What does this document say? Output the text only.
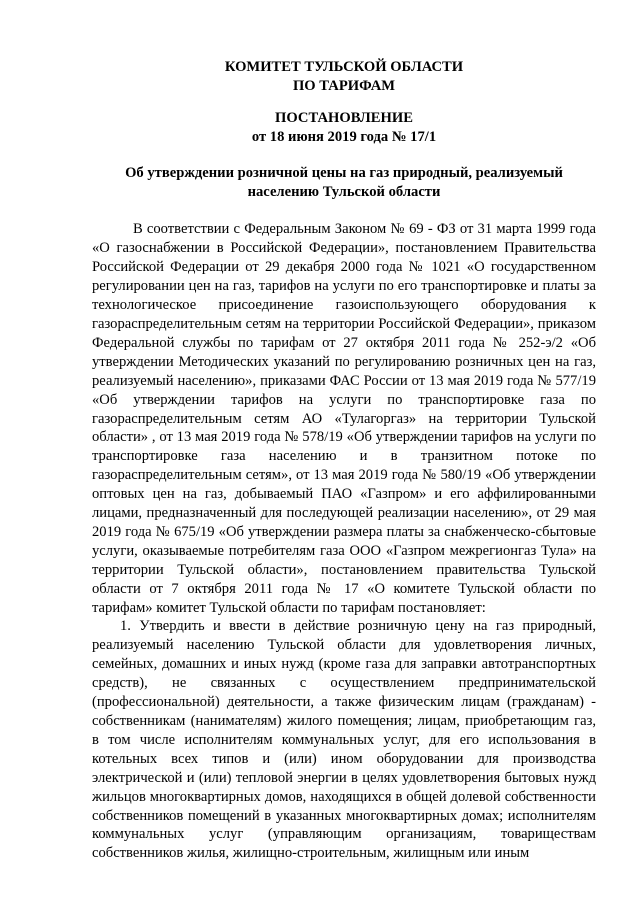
КОМИТЕТ ТУЛЬСКОЙ ОБЛАСТИ
ПО ТАРИФАМ
ПОСТАНОВЛЕНИЕ
от 18 июня 2019 года № 17/1
Об утверждении розничной цены на газ природный, реализуемый
населению Тульской области

В соответствии с Федеральным Законом № 69 - ФЗ от 31 марта 1999 года «О газоснабжении в Российской Федерации», постановлением Правительства Российской Федерации от 29 декабря 2000 года № 1021 «О государственном регулировании цен на газ, тарифов на услуги по его транспортировке и платы за технологическое присоединение газоиспользующего оборудования к газораспределительным сетям на территории Российской Федерации», приказом Федеральной службы по тарифам от 27 октября 2011 года № 252-э/2 «Об утверждении Методических указаний по регулированию розничных цен на газ, реализуемый населению», приказами ФАС России от 13 мая 2019 года № 577/19 «Об утверждении тарифов на услуги по транспортировке газа по газораспределительным сетям АО «Тулагоргаз» на территории Тульской области» , от 13 мая 2019 года № 578/19 «Об утверждении тарифов на услуги по транспортировке газа населению и в транзитном потоке по газораспределительным сетям», от 13 мая 2019 года № 580/19 «Об утверждении оптовых цен на газ, добываемый ПАО «Газпром» и его аффилированными лицами, предназначенный для последующей реализации населению», от 29 мая 2019 года № 675/19 «Об утверждении размера платы за снабженческо-сбытовые услуги, оказываемые потребителям газа ООО «Газпром межрегионгаз Тула» на территории Тульской области», постановлением правительства Тульской области от 7 октября 2011 года № 17 «О комитете Тульской области по тарифам» комитет Тульской области по тарифам постановляет:

1. Утвердить и ввести в действие розничную цену на газ природный, реализуемый населению Тульской области для удовлетворения личных, семейных, домашних и иных нужд (кроме газа для заправки автотранспортных средств), не связанных с осуществлением предпринимательской (профессиональной) деятельности, а также физическим лицам (гражданам) - собственникам (нанимателям) жилого помещения; лицам, приобретающим газ, в том числе исполнителям коммунальных услуг, для его использования в котельных всех типов и (или) ином оборудовании для производства электрической и (или) тепловой энергии в целях удовлетворения бытовых нужд жильцов многоквартирных домов, находящихся в общей долевой собственности собственников помещений в указанных многоквартирных домах; исполнителям коммунальных услуг (управляющим организациям, товариществам собственников жилья, жилищно-строительным, жилищным или иным
